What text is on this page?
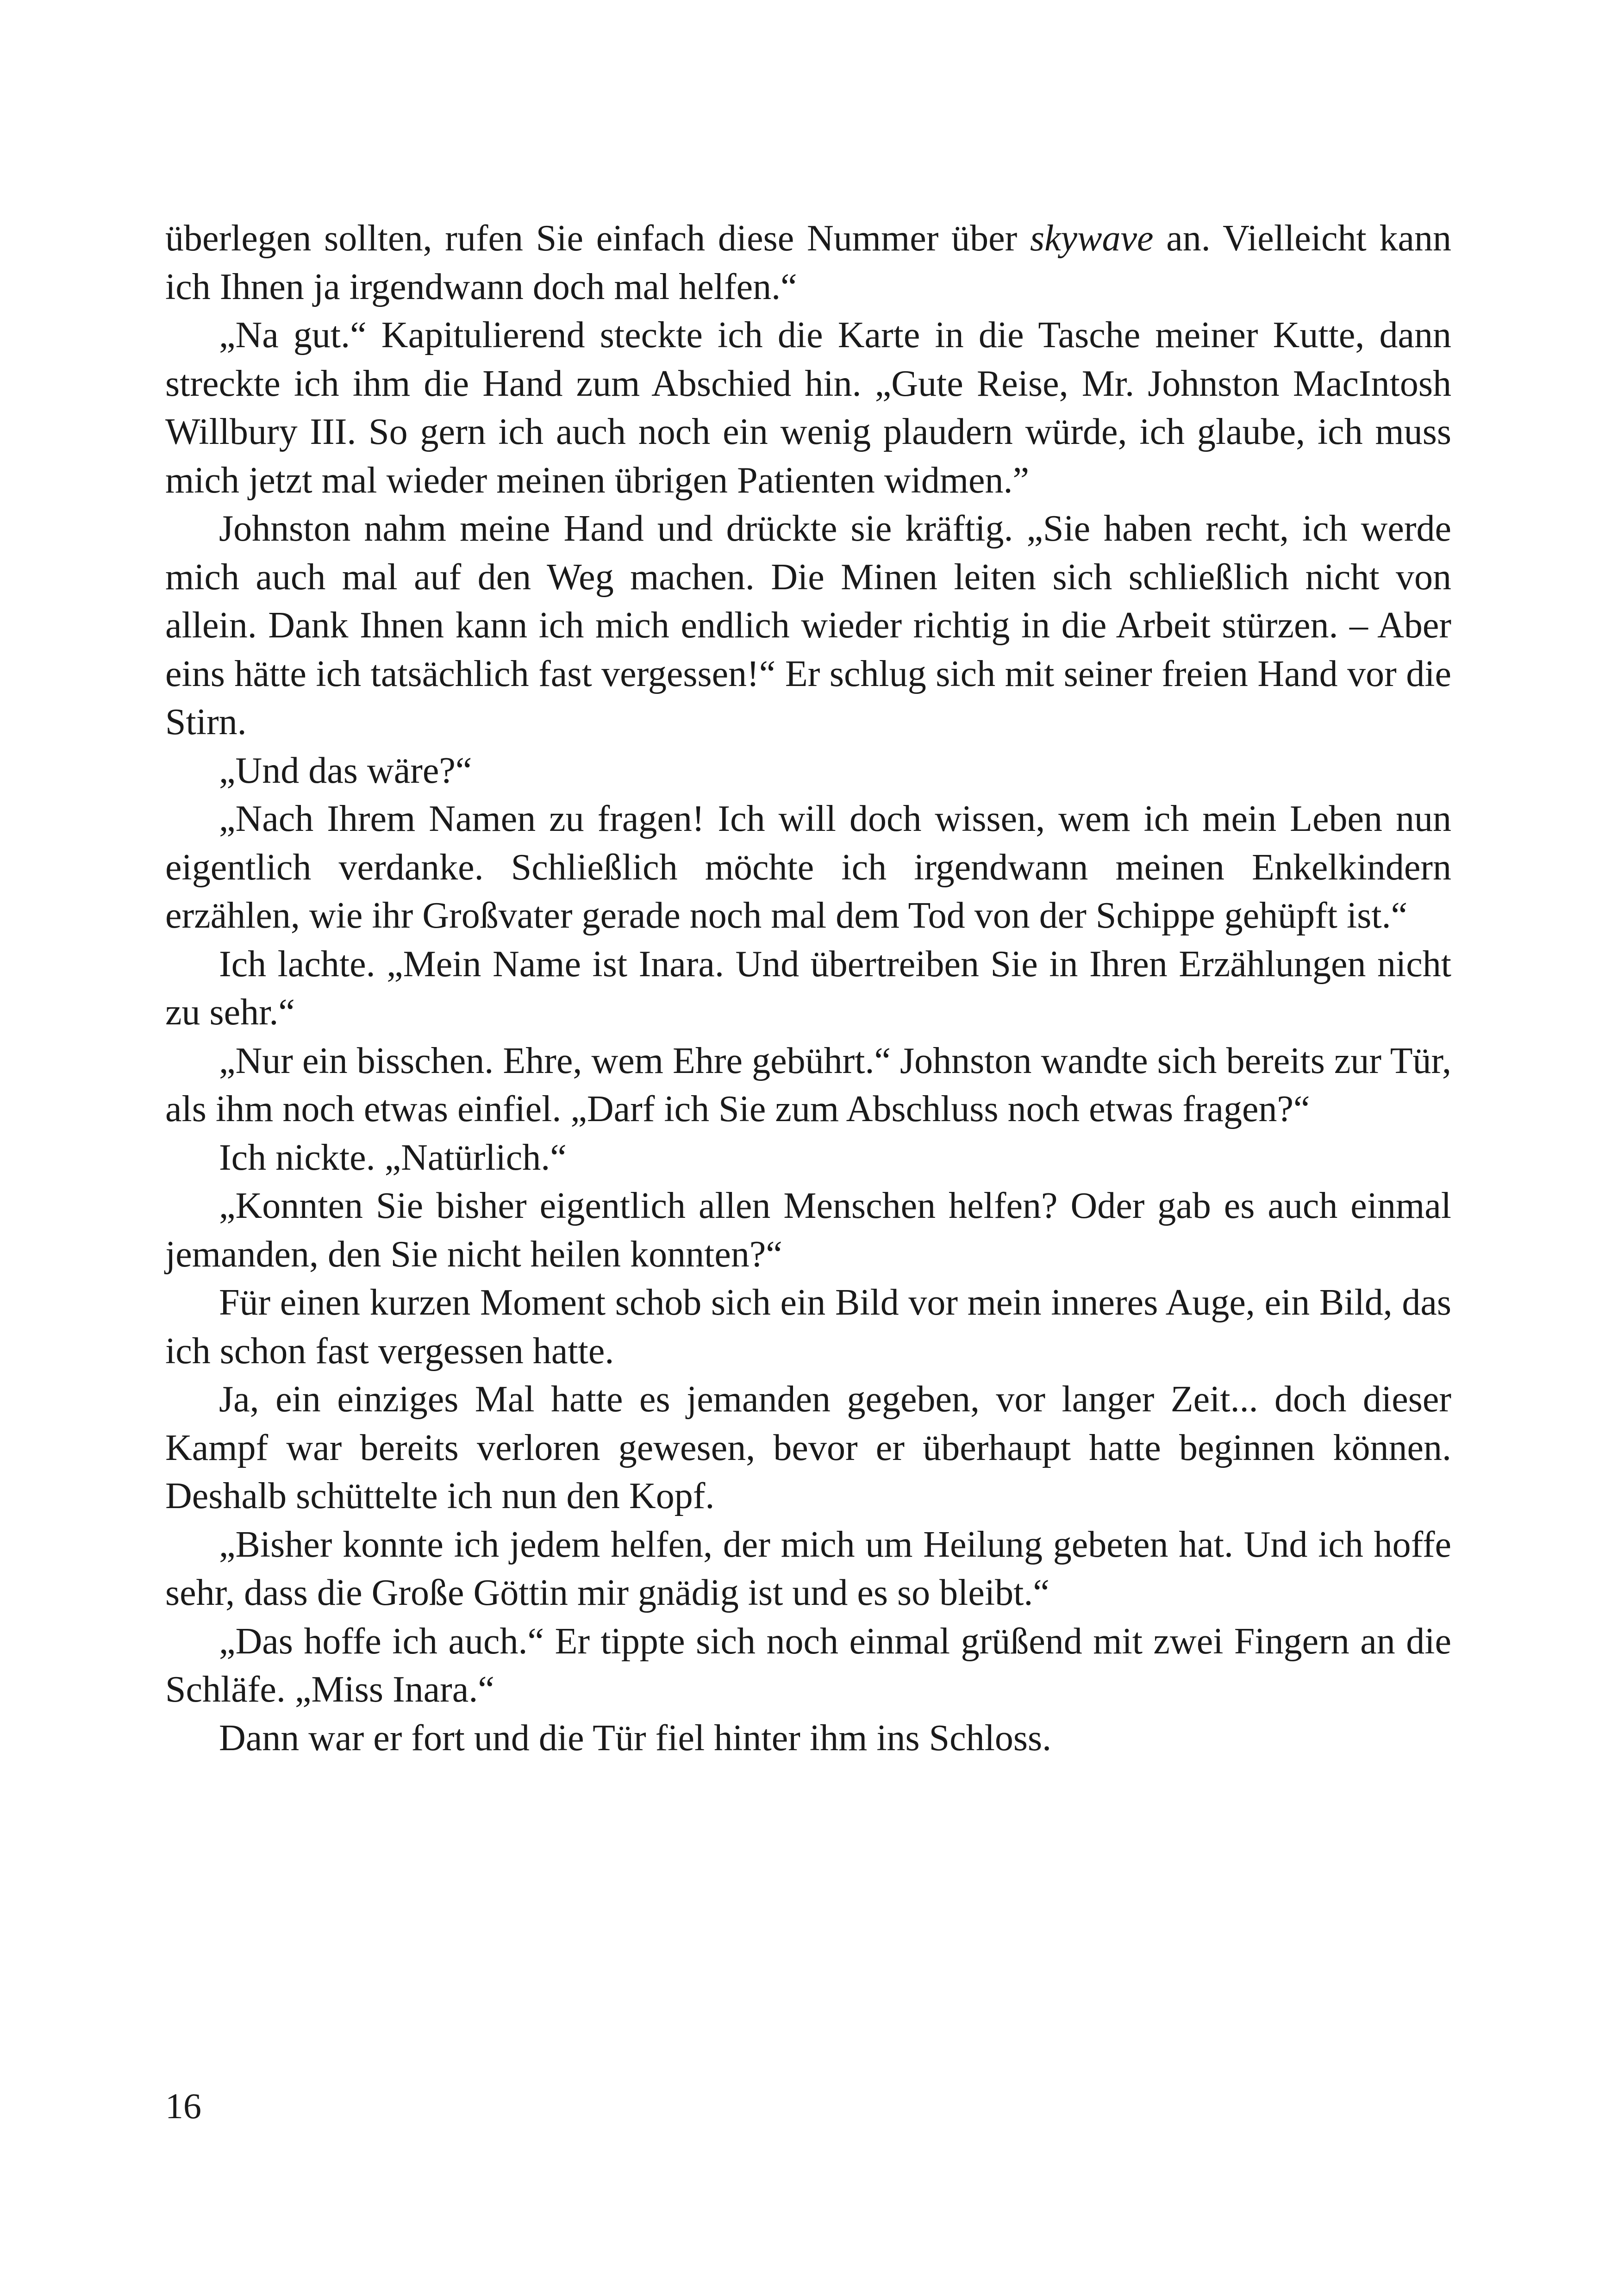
überlegen sollten, rufen Sie einfach diese Nummer über skywave an. Vielleicht kann ich Ihnen ja irgendwann doch mal helfen.“

„Na gut.“ Kapitulierend steckte ich die Karte in die Tasche meiner Kutte, dann streckte ich ihm die Hand zum Abschied hin. „Gute Reise, Mr. Johnston MacIntosh Willbury III. So gern ich auch noch ein wenig plaudern würde, ich glaube, ich muss mich jetzt mal wieder meinen übrigen Patienten widmen.”

Johnston nahm meine Hand und drückte sie kräftig. „Sie haben recht, ich werde mich auch mal auf den Weg machen. Die Minen leiten sich schließlich nicht von allein. Dank Ihnen kann ich mich endlich wieder richtig in die Arbeit stürzen. – Aber eins hätte ich tatsächlich fast vergessen!“ Er schlug sich mit seiner freien Hand vor die Stirn.

„Und das wäre?“

„Nach Ihrem Namen zu fragen! Ich will doch wissen, wem ich mein Leben nun eigentlich verdanke. Schließlich möchte ich irgendwann meinen Enkelkindern erzählen, wie ihr Großvater gerade noch mal dem Tod von der Schippe gehüpft ist.“

Ich lachte. „Mein Name ist Inara. Und übertreiben Sie in Ihren Erzählungen nicht zu sehr.“

„Nur ein bisschen. Ehre, wem Ehre gebührt.“ Johnston wandte sich bereits zur Tür, als ihm noch etwas einfiel. „Darf ich Sie zum Abschluss noch etwas fragen?“

Ich nickte. „Natürlich.“

„Konnten Sie bisher eigentlich allen Menschen helfen? Oder gab es auch einmal jemanden, den Sie nicht heilen konnten?“

Für einen kurzen Moment schob sich ein Bild vor mein inneres Auge, ein Bild, das ich schon fast vergessen hatte.

Ja, ein einziges Mal hatte es jemanden gegeben, vor langer Zeit... doch dieser Kampf war bereits verloren gewesen, bevor er überhaupt hatte beginnen können. Deshalb schüttelte ich nun den Kopf.

„Bisher konnte ich jedem helfen, der mich um Heilung gebeten hat. Und ich hoffe sehr, dass die Große Göttin mir gnädig ist und es so bleibt.“

„Das hoffe ich auch.“ Er tippte sich noch einmal grüßend mit zwei Fingern an die Schläfe. „Miss Inara.“

Dann war er fort und die Tür fiel hinter ihm ins Schloss.

16
